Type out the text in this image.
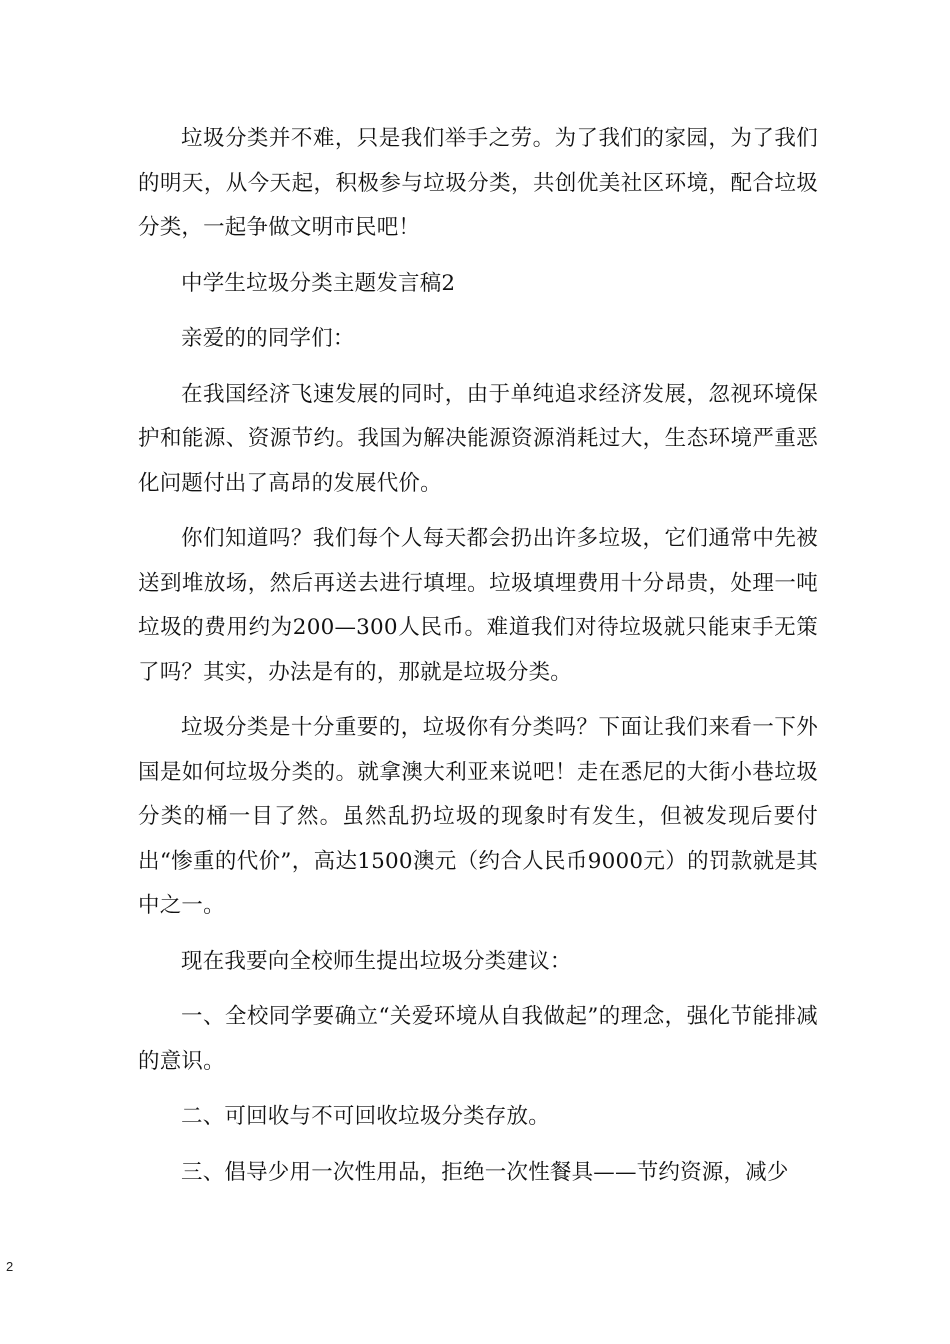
垃圾分类并不难，只是我们举手之劳。为了我们的家园，为了我们的明天，从今天起，积极参与垃圾分类，共创优美社区环境，配合垃圾分类，一起争做文明市民吧！

中学生垃圾分类主题发言稿2

亲爱的的同学们：

在我国经济飞速发展的同时，由于单纯追求经济发展，忽视环境保护和能源、资源节约。我国为解决能源资源消耗过大，生态环境严重恶化问题付出了高昂的发展代价。

你们知道吗？我们每个人每天都会扔出许多垃圾，它们通常中先被送到堆放场，然后再送去进行填埋。垃圾填埋费用十分昂贵，处理一吨垃圾的费用约为200—300人民币。难道我们对待垃圾就只能束手无策了吗？其实，办法是有的，那就是垃圾分类。

垃圾分类是十分重要的，垃圾你有分类吗？下面让我们来看一下外国是如何垃圾分类的。就拿澳大利亚来说吧！走在悉尼的大街小巷垃圾分类的桶一目了然。虽然乱扔垃圾的现象时有发生，但被发现后要付出“惨重的代价”，高达1500澳元（约合人民币9000元）的罚款就是其中之一。

现在我要向全校师生提出垃圾分类建议：

一、全校同学要确立“关爱环境从自我做起”的理念，强化节能排减的意识。

二、可回收与不可回收垃圾分类存放。

三、倡导少用一次性用品，拒绝一次性餐具——节约资源，减少

2
